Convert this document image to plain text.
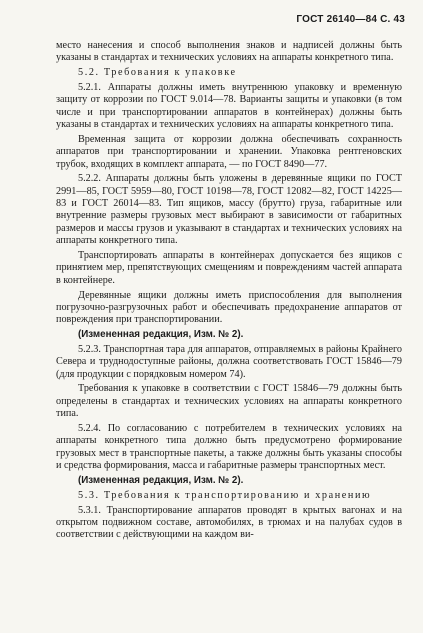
ГОСТ 26140—84 С. 43

место нанесения и способ выполнения знаков и надписей должны быть указаны в стандартах и технических условиях на аппараты конкретного типа.

5.2. Требования к упаковке

5.2.1. Аппараты должны иметь внутреннюю упаковку и временную защиту от коррозии по ГОСТ 9.014—78. Варианты защиты и упаковки (в том числе и при транспортировании аппаратов в контейнерах) должны быть указаны в стандартах и технических условиях на аппараты конкретного типа.

Временная защита от коррозии должна обеспечивать сохранность аппаратов при транспортировании и хранении. Упаковка рентгеновских трубок, входящих в комплект аппарата, — по ГОСТ 8490—77.

5.2.2. Аппараты должны быть уложены в деревянные ящики по ГОСТ 2991—85, ГОСТ 5959—80, ГОСТ 10198—78, ГОСТ 12082—82, ГОСТ 14225—83 и ГОСТ 26014—83. Тип ящиков, массу (брутто) груза, габаритные или внутренние размеры грузовых мест выбирают в зависимости от габаритных размеров и массы грузов и указывают в стандартах и технических условиях на аппараты конкретного типа.

Транспортировать аппараты в контейнерах допускается без ящиков с принятием мер, препятствующих смещениям и повреждениям частей аппарата в контейнере.

Деревянные ящики должны иметь приспособления для выполнения погрузочно-разгрузочных работ и обеспечивать предохранение аппаратов от повреждения при транспортировании.

(Измененная редакция, Изм. № 2).

5.2.3. Транспортная тара для аппаратов, отправляемых в районы Крайнего Севера и труднодоступные районы, должна соответствовать ГОСТ 15846—79 (для продукции с порядковым номером 74).

Требования к упаковке в соответствии с ГОСТ 15846—79 должны быть определены в стандартах и технических условиях на аппараты конкретного типа.

5.2.4. По согласованию с потребителем в технических условиях на аппараты конкретного типа должно быть предусмотрено формирование грузовых мест в транспортные пакеты, а также должны быть указаны способы и средства формирования, масса и габаритные размеры транспортных мест.

(Измененная редакция, Изм. № 2).

5.3. Требования к транспортированию и хранению

5.3.1. Транспортирование аппаратов проводят в крытых вагонах и на открытом подвижном составе, автомобилях, в трюмах и на палубах судов в соответствии с действующими на каждом ви-
